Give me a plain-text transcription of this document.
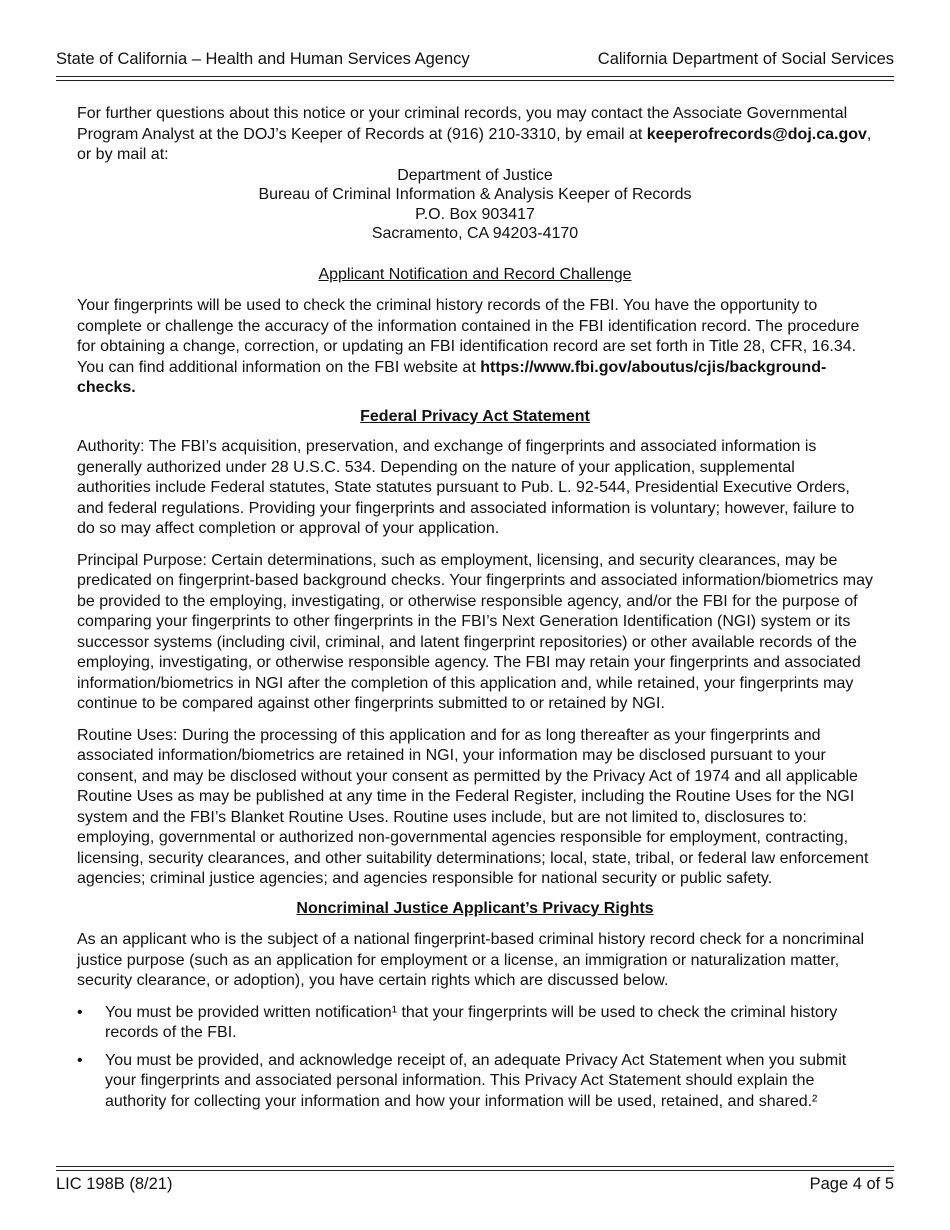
State of California – Health and Human Services Agency	California Department of Social Services

For further questions about this notice or your criminal records, you may contact the Associate Governmental Program Analyst at the DOJ’s Keeper of Records at (916) 210-3310, by email at keeperofrecords@doj.ca.gov, or by mail at:

Department of Justice
Bureau of Criminal Information & Analysis Keeper of Records
P.O. Box 903417
Sacramento, CA 94203-4170

Applicant Notification and Record Challenge

Your fingerprints will be used to check the criminal history records of the FBI. You have the opportunity to complete or challenge the accuracy of the information contained in the FBI identification record. The procedure for obtaining a change, correction, or updating an FBI identification record are set forth in Title 28, CFR, 16.34. You can find additional information on the FBI website at https://www.fbi.gov/aboutus/cjis/background-checks.

Federal Privacy Act Statement

Authority: The FBI’s acquisition, preservation, and exchange of fingerprints and associated information is generally authorized under 28 U.S.C. 534. Depending on the nature of your application, supplemental authorities include Federal statutes, State statutes pursuant to Pub. L. 92-544, Presidential Executive Orders, and federal regulations. Providing your fingerprints and associated information is voluntary; however, failure to do so may affect completion or approval of your application.

Principal Purpose: Certain determinations, such as employment, licensing, and security clearances, may be predicated on fingerprint-based background checks. Your fingerprints and associated information/biometrics may be provided to the employing, investigating, or otherwise responsible agency, and/or the FBI for the purpose of comparing your fingerprints to other fingerprints in the FBI’s Next Generation Identification (NGI) system or its successor systems (including civil, criminal, and latent fingerprint repositories) or other available records of the employing, investigating, or otherwise responsible agency. The FBI may retain your fingerprints and associated information/biometrics in NGI after the completion of this application and, while retained, your fingerprints may continue to be compared against other fingerprints submitted to or retained by NGI.

Routine Uses: During the processing of this application and for as long thereafter as your fingerprints and associated information/biometrics are retained in NGI, your information may be disclosed pursuant to your consent, and may be disclosed without your consent as permitted by the Privacy Act of 1974 and all applicable Routine Uses as may be published at any time in the Federal Register, including the Routine Uses for the NGI system and the FBI’s Blanket Routine Uses. Routine uses include, but are not limited to, disclosures to: employing, governmental or authorized non-governmental agencies responsible for employment, contracting, licensing, security clearances, and other suitability determinations; local, state, tribal, or federal law enforcement agencies; criminal justice agencies; and agencies responsible for national security or public safety.

Noncriminal Justice Applicant’s Privacy Rights

As an applicant who is the subject of a national fingerprint-based criminal history record check for a noncriminal justice purpose (such as an application for employment or a license, an immigration or naturalization matter, security clearance, or adoption), you have certain rights which are discussed below.

• You must be provided written notification¹ that your fingerprints will be used to check the criminal history records of the FBI.
• You must be provided, and acknowledge receipt of, an adequate Privacy Act Statement when you submit your fingerprints and associated personal information. This Privacy Act Statement should explain the authority for collecting your information and how your information will be used, retained, and shared.²
LIC 198B (8/21)	Page 4 of 5
